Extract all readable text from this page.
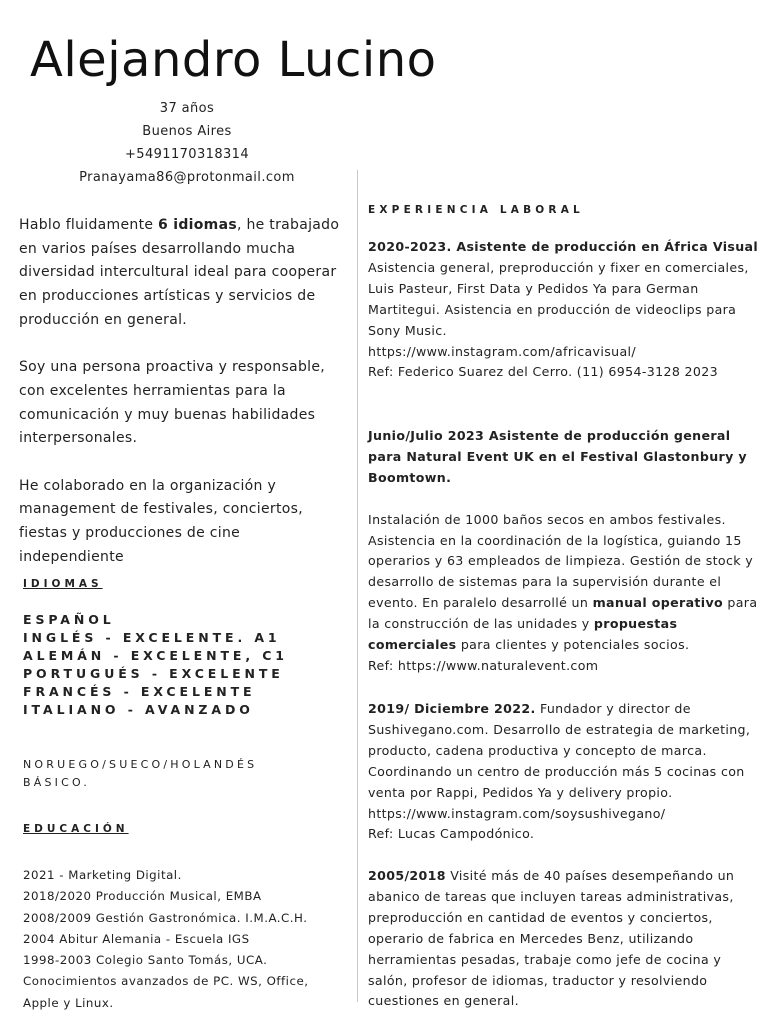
Alejandro Lucino
37 años
Buenos Aires
+5491170318314
Pranayama86@protonmail.com

Hablo fluidamente 6 idiomas, he trabajado en varios países desarrollando mucha diversidad intercultural ideal para cooperar en producciones artísticas y servicios de producción en general.

Soy una persona proactiva y responsable, con excelentes herramientas para la comunicación y muy buenas habilidades interpersonales.

He colaborado en la organización y management de festivales, conciertos, fiestas y producciones de cine independiente

IDIOMAS
ESPAÑOL
INGLÉS - EXCELENTE. A1
ALEMÁN - EXCELENTE, C1
PORTUGUÉS - EXCELENTE
FRANCÉS - EXCELENTE
ITALIANO - AVANZADO
NORUEGO/SUECO/HOLANDÉS BÁSICO.
EDUCACIÓN
2021 - Marketing Digital.
2018/2020 Producción Musical, EMBA
2008/2009 Gestión Gastronómica. I.M.A.C.H.
2004 Abitur Alemania - Escuela IGS
1998-2003 Colegio Santo Tomás, UCA.
Conocimientos avanzados de PC. WS, Office,
Apple y Linux.
EXPERIENCIA LABORAL
2020-2023. Asistente de producción en África Visual
Asistencia general, preproducción y fixer en comerciales, Luis Pasteur, First Data y Pedidos Ya para German Martitegui. Asistencia en producción de videoclips para Sony Music.
https://www.instagram.com/africavisual/
Ref: Federico Suarez del Cerro. (11) 6954-3128 2023
Junio/Julio 2023 Asistente de producción general para Natural Event UK en el Festival Glastonbury y Boomtown.
Instalación de 1000 baños secos en ambos festivales. Asistencia en la coordinación de la logística, guiando 15 operarios y 63 empleados de limpieza. Gestión de stock y desarrollo de sistemas para la supervisión durante el evento. En paralelo desarrollé un manual operativo para la construcción de las unidades y propuestas comerciales para clientes y potenciales socios.
Ref: https://www.naturalevent.com
2019/ Diciembre 2022. Fundador y director de Sushivegano.com. Desarrollo de estrategia de marketing, producto, cadena productiva y concepto de marca. Coordinando un centro de producción más 5 cocinas con venta por Rappi, Pedidos Ya y delivery propio. https://www.instagram.com/soysushivegano/
Ref: Lucas Campodónico.
2005/2018 Visité más de 40 países desempeñando un abanico de tareas que incluyen tareas administrativas, preproducción en cantidad de eventos y conciertos, operario de fabrica en Mercedes Benz, utilizando herramientas pesadas, trabaje como jefe de cocina y salón, profesor de idiomas, traductor y resolviendo cuestiones en general.
